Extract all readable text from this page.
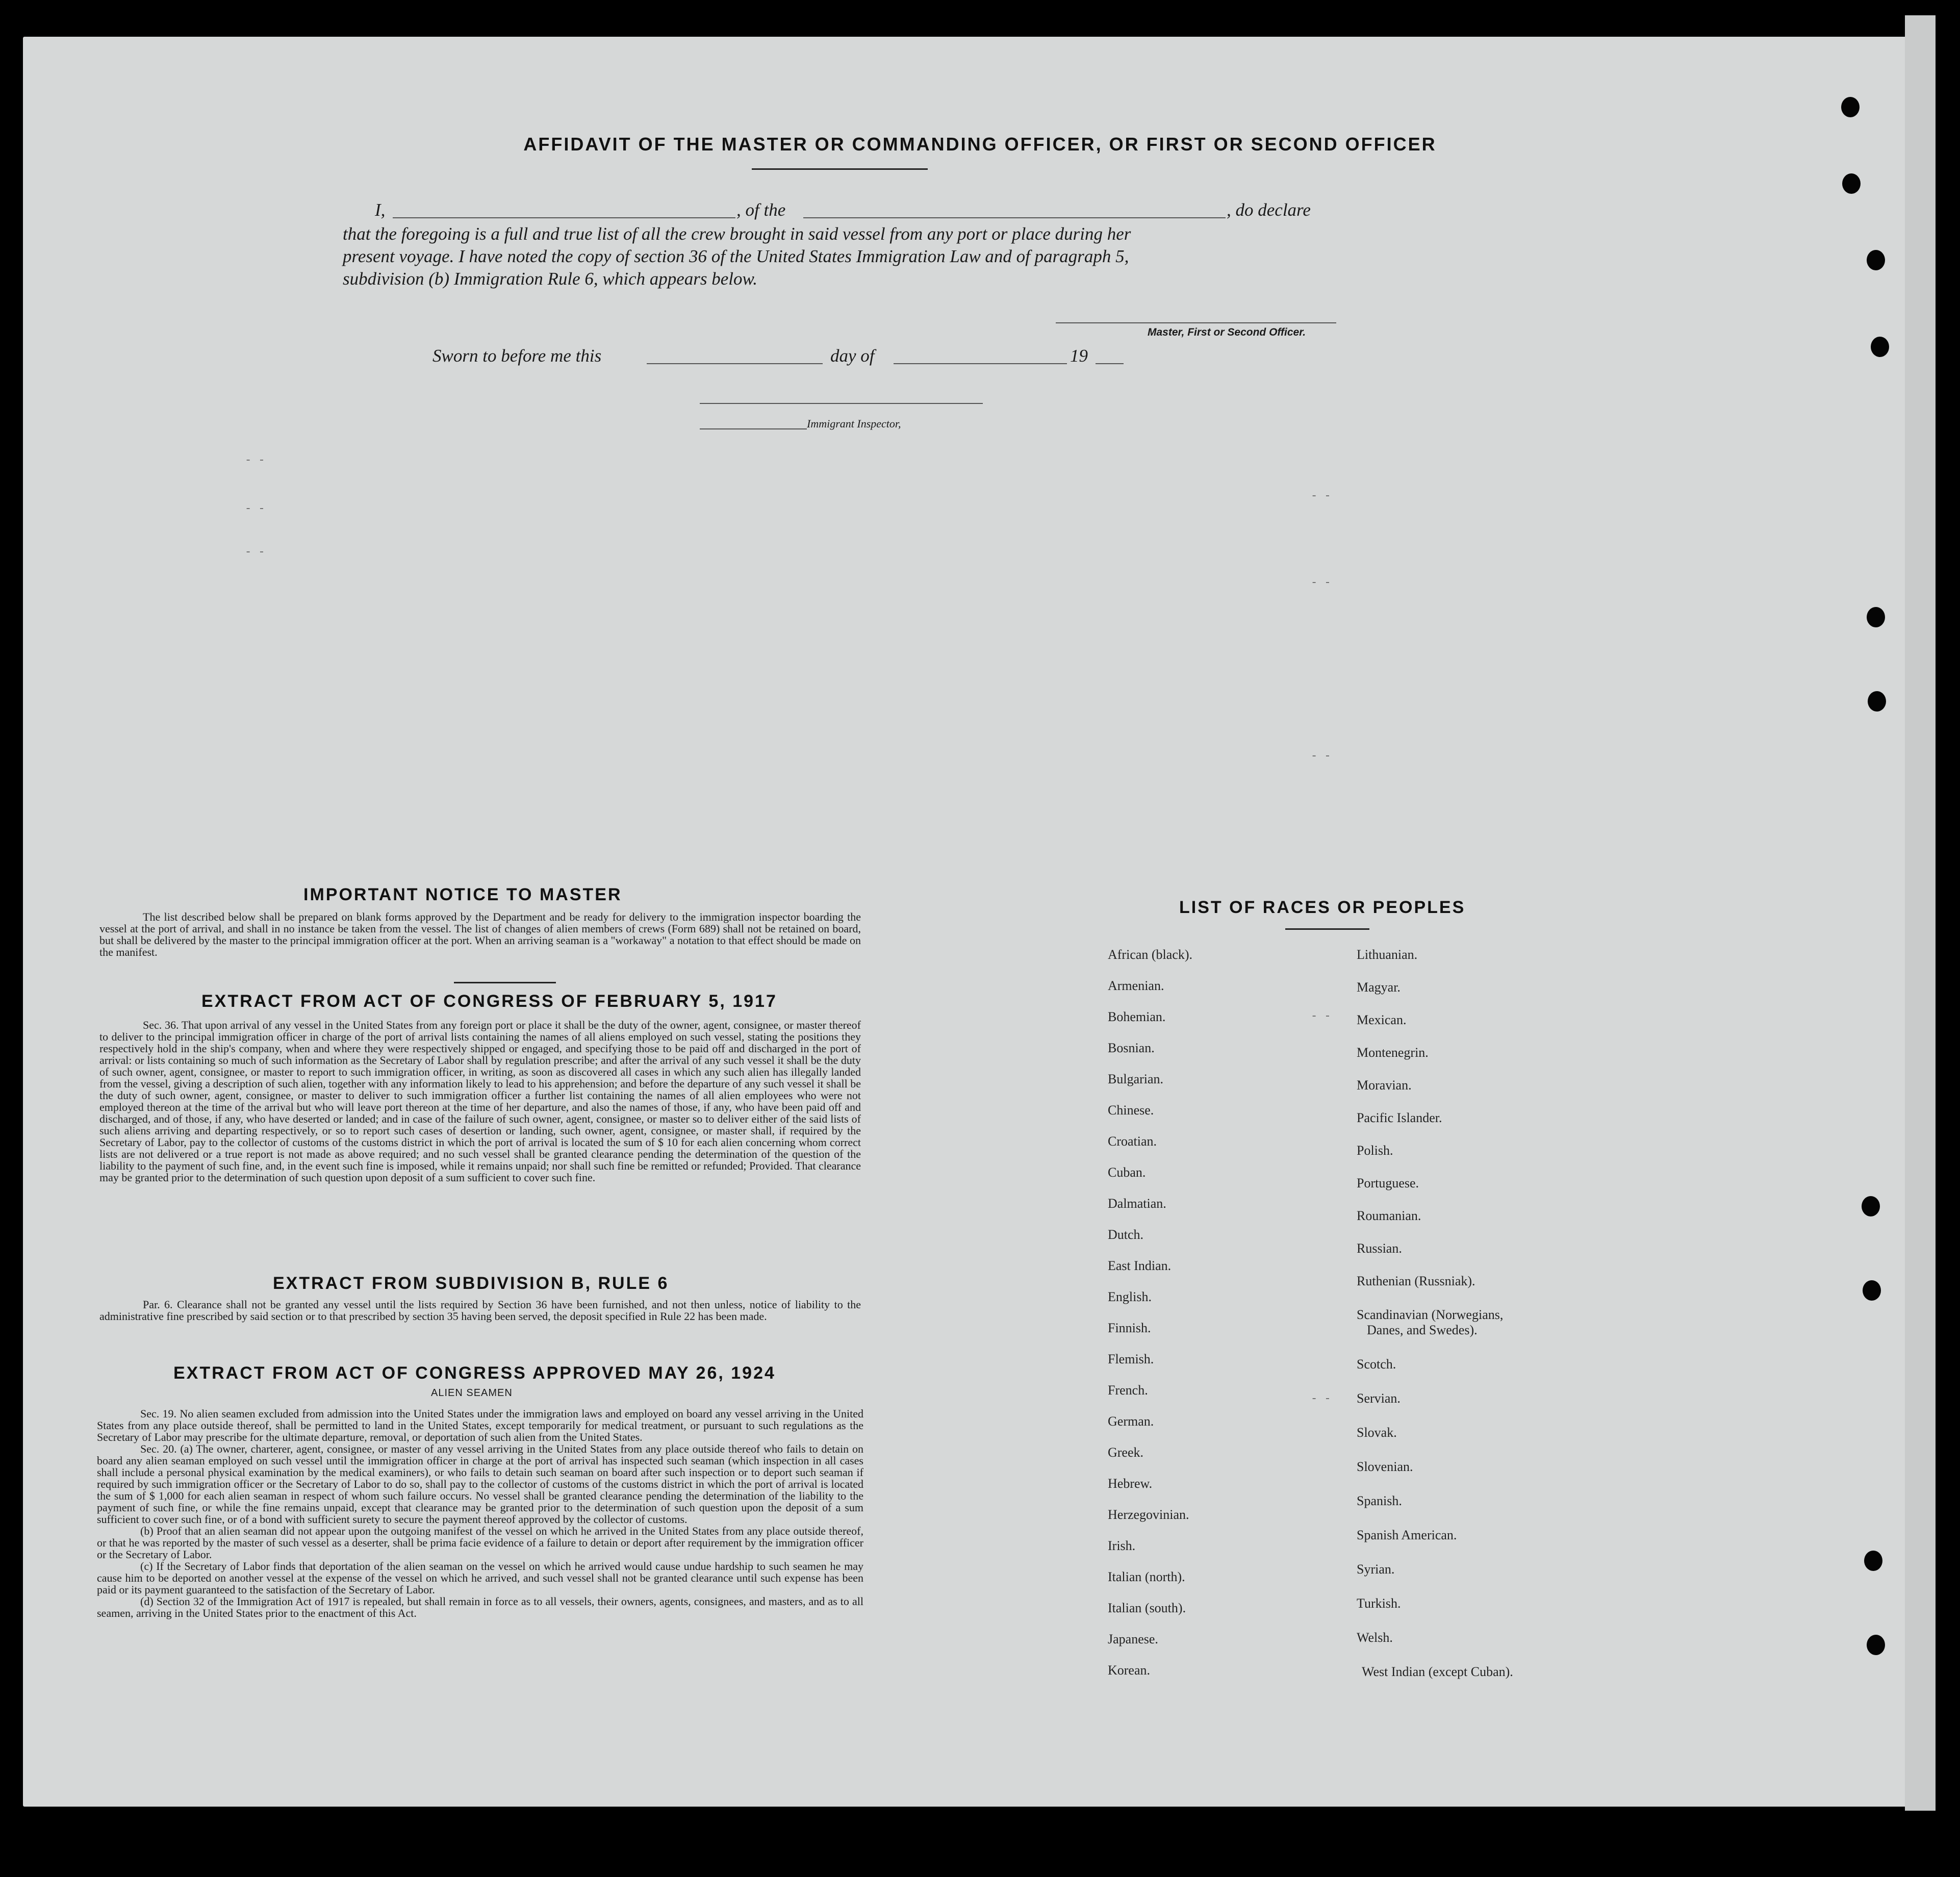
- -
- -
- -
- -
- -
- -
- -
- -
AFFIDAVIT OF THE MASTER OR COMMANDING OFFICER, OR FIRST OR SECOND OFFICER
I,	, of the	, do declare
that the foregoing is a full and true list of all the crew brought in said vessel from any port or place during her
present voyage. I have noted the copy of section 36 of the United States Immigration Law and of paragraph 5,
subdivision (b) Immigration Rule 6, which appears below.
Master, First or Second Officer.
Sworn to before me this	day of	19
Immigrant Inspector,
IMPORTANT NOTICE TO MASTER
The list described below shall be prepared on blank forms approved by the Department and be ready for delivery to the immigration inspector boarding the vessel at the port of arrival, and shall in no instance be taken from the vessel. The list of changes of alien members of crews (Form 689) shall not be retained on board, but shall be delivered by the master to the principal immigration officer at the port. When an arriving seaman is a "workaway" a notation to that effect should be made on the manifest.
EXTRACT FROM ACT OF CONGRESS OF FEBRUARY 5, 1917
Sec. 36. That upon arrival of any vessel in the United States from any foreign port or place it shall be the duty of the owner, agent, consignee, or master thereof to deliver to the principal immigration officer in charge of the port of arrival lists containing the names of all aliens employed on such vessel, stating the positions they respectively hold in the ship's company, when and where they were respectively shipped or engaged, and specifying those to be paid off and discharged in the port of arrival: or lists containing so much of such information as the Secretary of Labor shall by regulation prescribe; and after the arrival of any such vessel it shall be the duty of such owner, agent, consignee, or master to report to such immigration officer, in writing, as soon as discovered all cases in which any such alien has illegally landed from the vessel, giving a description of such alien, together with any information likely to lead to his apprehension; and before the departure of any such vessel it shall be the duty of such owner, agent, consignee, or master to deliver to such immigration officer a further list containing the names of all alien employees who were not employed thereon at the time of the arrival but who will leave port thereon at the time of her departure, and also the names of those, if any, who have been paid off and discharged, and of those, if any, who have deserted or landed; and in case of the failure of such owner, agent, consignee, or master so to deliver either of the said lists of such aliens arriving and departing respectively, or so to report such cases of desertion or landing, such owner, agent, consignee, or master shall, if required by the Secretary of Labor, pay to the collector of customs of the customs district in which the port of arrival is located the sum of $ 10 for each alien concerning whom correct lists are not delivered or a true report is not made as above required; and no such vessel shall be granted clearance pending the determination of the question of the liability to the payment of such fine, and, in the event such fine is imposed, while it remains unpaid; nor shall such fine be remitted or refunded; Provided. That clearance may be granted prior to the determination of such question upon deposit of a sum sufficient to cover such fine.
EXTRACT FROM SUBDIVISION B, RULE 6
Par. 6. Clearance shall not be granted any vessel until the lists required by Section 36 have been furnished, and not then unless, notice of liability to the administrative fine prescribed by said section or to that prescribed by section 35 having been served, the deposit specified in Rule 22 has been made.
EXTRACT FROM ACT OF CONGRESS APPROVED MAY 26, 1924
ALIEN SEAMEN
Sec. 19. No alien seamen excluded from admission into the United States under the immigration laws and employed on board any vessel arriving in the United States from any place outside thereof, shall be permitted to land in the United States, except temporarily for medical treatment, or pursuant to such regulations as the Secretary of Labor may prescribe for the ultimate departure, removal, or deportation of such alien from the United States.
Sec. 20. (a) The owner, charterer, agent, consignee, or master of any vessel arriving in the United States from any place outside thereof who fails to detain on board any alien seaman employed on such vessel until the immigration officer in charge at the port of arrival has inspected such seaman (which inspection in all cases shall include a personal physical examination by the medical examiners), or who fails to detain such seaman on board after such inspection or to deport such seaman if required by such immigration officer or the Secretary of Labor to do so, shall pay to the collector of customs of the customs district in which the port of arrival is located the sum of $ 1,000 for each alien seaman in respect of whom such failure occurs. No vessel shall be granted clearance pending the determination of the liability to the payment of such fine, or while the fine remains unpaid, except that clearance may be granted prior to the determination of such question upon the deposit of a sum sufficient to cover such fine, or of a bond with sufficient surety to secure the payment thereof approved by the collector of customs.
(b) Proof that an alien seaman did not appear upon the outgoing manifest of the vessel on which he arrived in the United States from any place outside thereof, or that he was reported by the master of such vessel as a deserter, shall be prima facie evidence of a failure to detain or deport after requirement by the immigration officer or the Secretary of Labor.
(c) If the Secretary of Labor finds that deportation of the alien seaman on the vessel on which he arrived would cause undue hardship to such seamen he may cause him to be deported on another vessel at the expense of the vessel on which he arrived, and such vessel shall not be granted clearance until such expense has been paid or its payment guaranteed to the satisfaction of the Secretary of Labor.
(d) Section 32 of the Immigration Act of 1917 is repealed, but shall remain in force as to all vessels, their owners, agents, consignees, and masters, and as to all seamen, arriving in the United States prior to the enactment of this Act.
LIST OF RACES OR PEOPLES
African (black).
Armenian.
Bohemian.
Bosnian.
Bulgarian.
Chinese.
Croatian.
Cuban.
Dalmatian.
Dutch.
East Indian.
English.
Finnish.
Flemish.
French.
German.
Greek.
Hebrew.
Herzegovinian.
Irish.
Italian (north).
Italian (south).
Japanese.
Korean.
Lithuanian.
Magyar.
Mexican.
Montenegrin.
Moravian.
Pacific Islander.
Polish.
Portuguese.
Roumanian.
Russian.
Ruthenian (Russniak).
Scandinavian (Norwegians,
Danes, and Swedes).
Scotch.
Servian.
Slovak.
Slovenian.
Spanish.
Spanish American.
Syrian.
Turkish.
Welsh.
West Indian (except Cuban).
